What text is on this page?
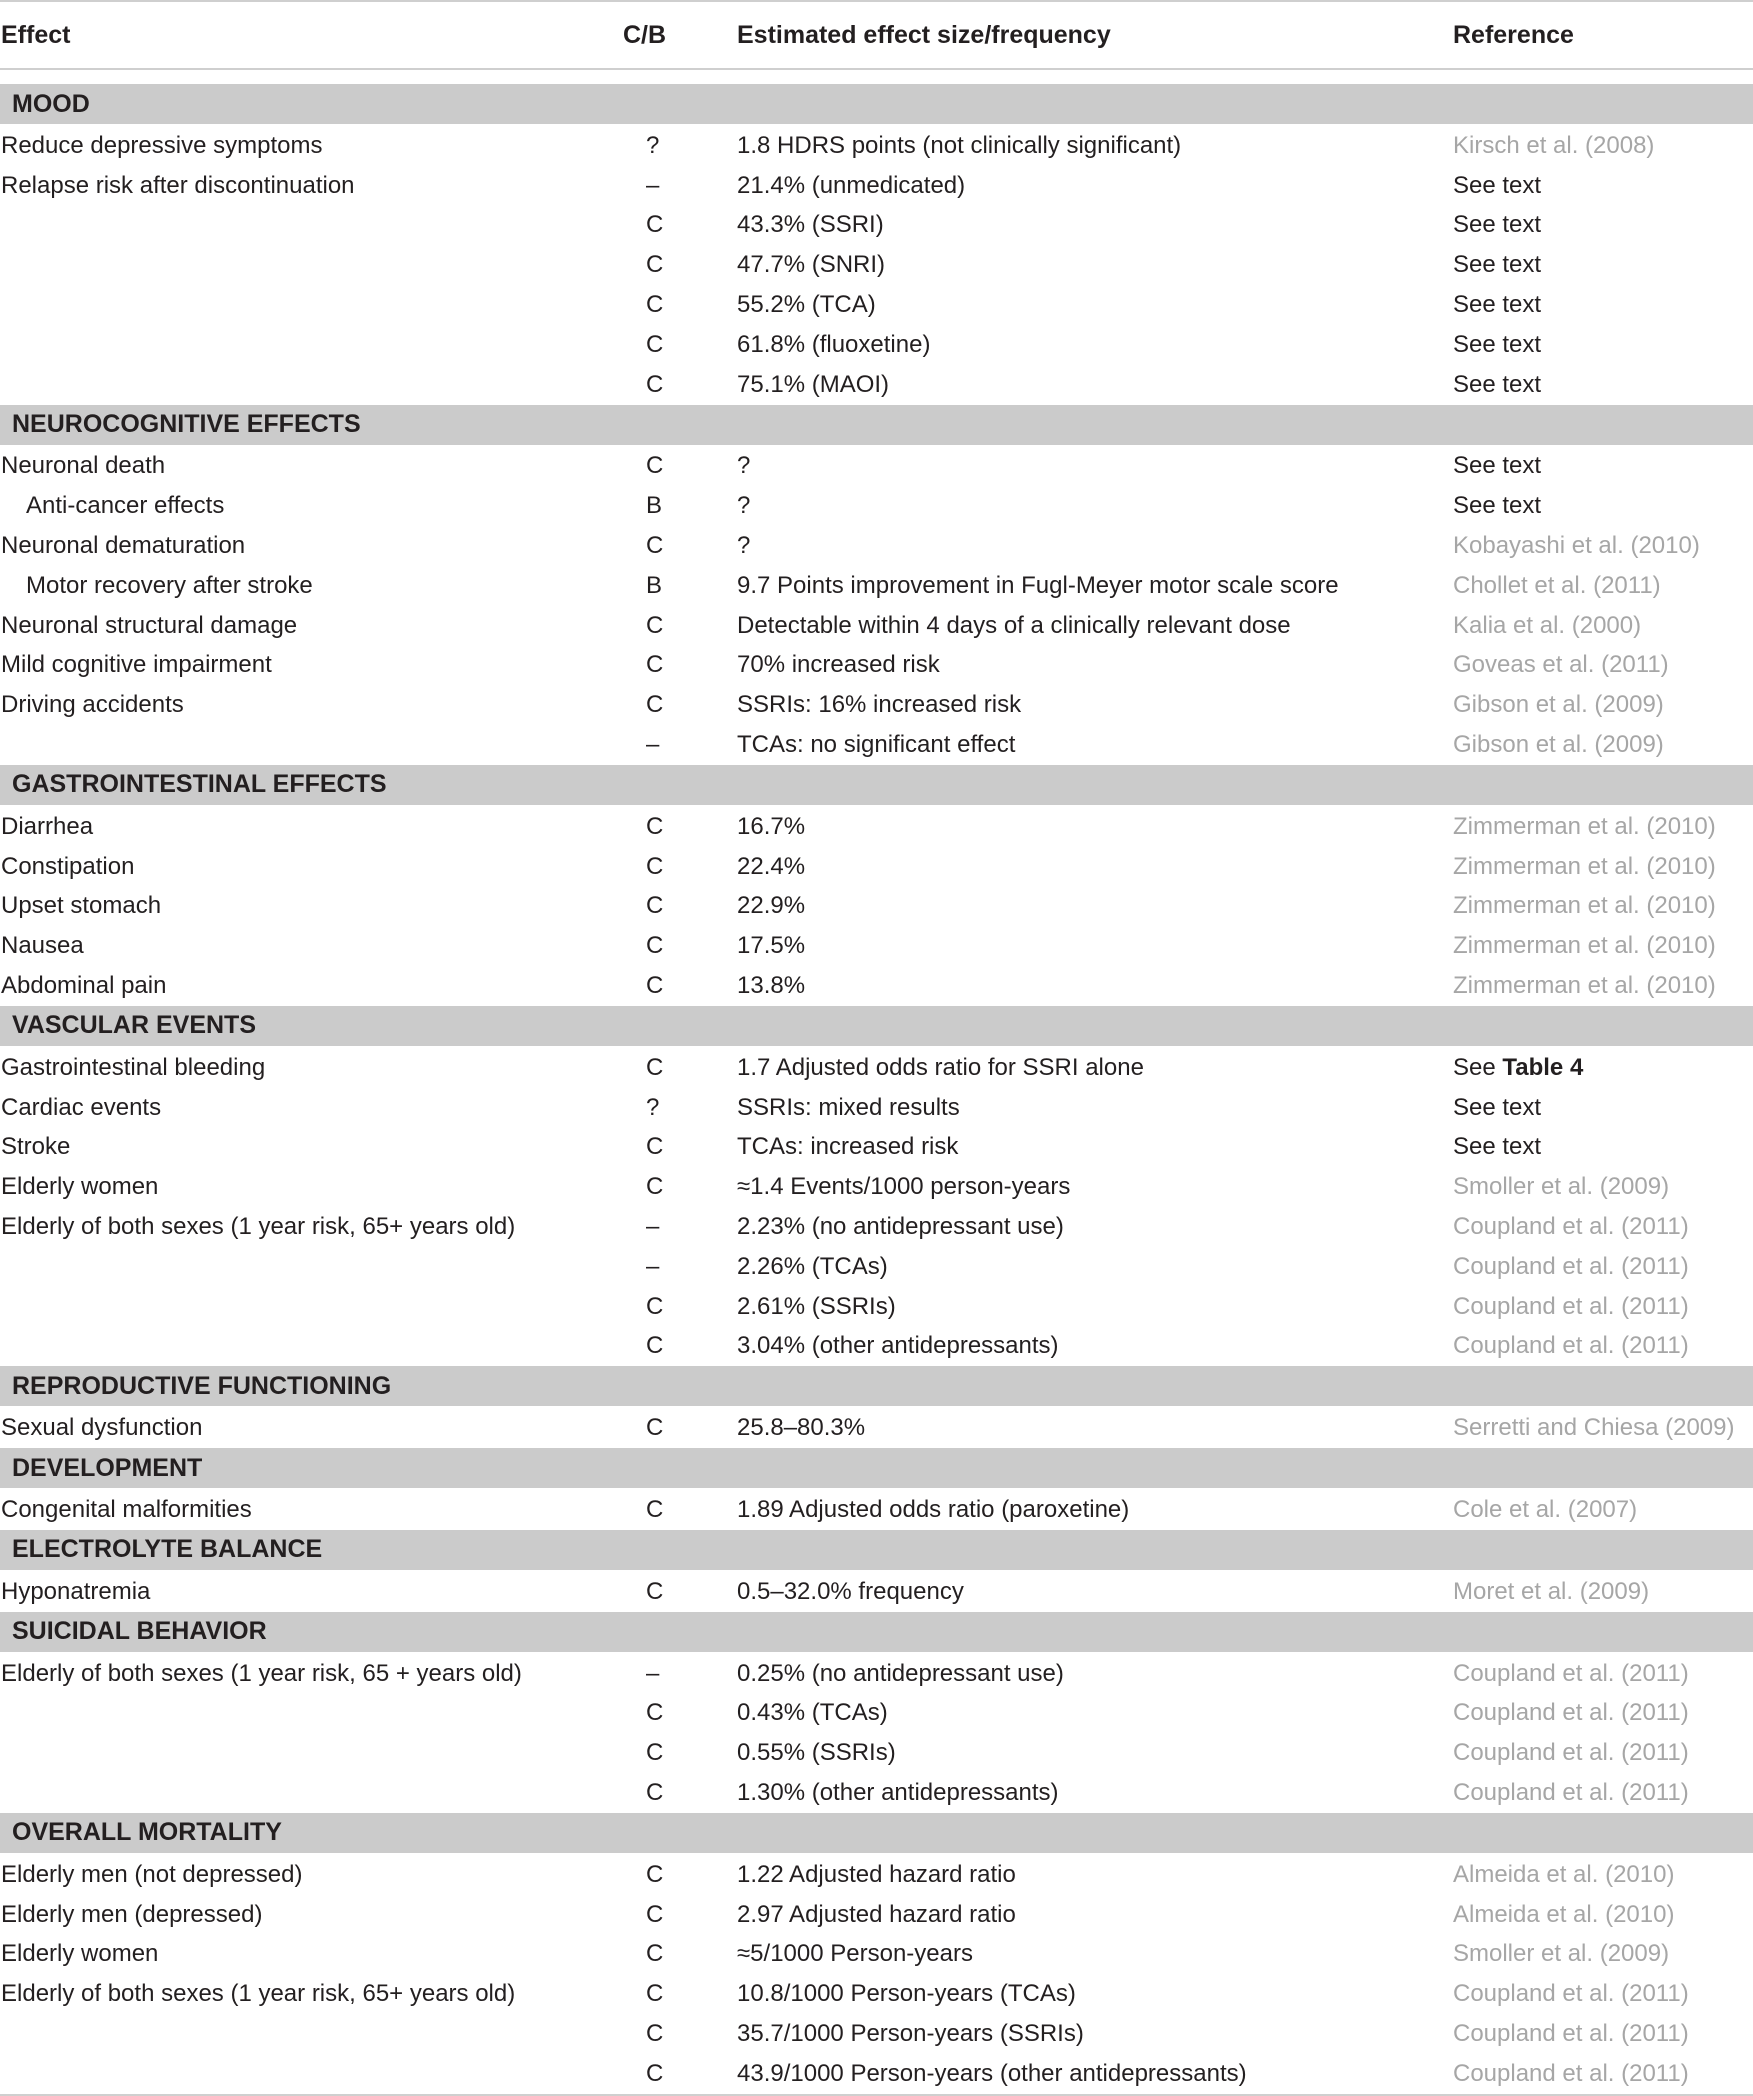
Effect	C/B	Estimated effect size/frequency	Reference

MOOD			
Reduce depressive symptoms	?	1.8 HDRS points (not clinically significant)	Kirsch et al. (2008)
Relapse risk after discontinuation	–	21.4% (unmedicated)	See text
	C	43.3% (SSRI)	See text
	C	47.7% (SNRI)	See text
	C	55.2% (TCA)	See text
	C	61.8% (fluoxetine)	See text
	C	75.1% (MAOI)	See text
NEUROCOGNITIVE EFFECTS			
Neuronal death	C	?	See text
Anti-cancer effects	B	?	See text
Neuronal dematuration	C	?	Kobayashi et al. (2010)
Motor recovery after stroke	B	9.7 Points improvement in Fugl-Meyer motor scale score	Chollet et al. (2011)
Neuronal structural damage	C	Detectable within 4 days of a clinically relevant dose	Kalia et al. (2000)
Mild cognitive impairment	C	70% increased risk	Goveas et al. (2011)
Driving accidents	C	SSRIs: 16% increased risk	Gibson et al. (2009)
	–	TCAs: no significant effect	Gibson et al. (2009)
GASTROINTESTINAL EFFECTS			
Diarrhea	C	16.7%	Zimmerman et al. (2010)
Constipation	C	22.4%	Zimmerman et al. (2010)
Upset stomach	C	22.9%	Zimmerman et al. (2010)
Nausea	C	17.5%	Zimmerman et al. (2010)
Abdominal pain	C	13.8%	Zimmerman et al. (2010)
VASCULAR EVENTS			
Gastrointestinal bleeding	C	1.7 Adjusted odds ratio for SSRI alone	See Table 4
Cardiac events	?	SSRIs: mixed results	See text
Stroke	C	TCAs: increased risk	See text
Elderly women	C	≈1.4 Events/1000 person-years	Smoller et al. (2009)
Elderly of both sexes (1 year risk, 65+ years old)	–	2.23% (no antidepressant use)	Coupland et al. (2011)
	–	2.26% (TCAs)	Coupland et al. (2011)
	C	2.61% (SSRIs)	Coupland et al. (2011)
	C	3.04% (other antidepressants)	Coupland et al. (2011)
REPRODUCTIVE FUNCTIONING			
Sexual dysfunction	C	25.8–80.3%	Serretti and Chiesa (2009)
DEVELOPMENT			
Congenital malformities	C	1.89 Adjusted odds ratio (paroxetine)	Cole et al. (2007)
ELECTROLYTE BALANCE			
Hyponatremia	C	0.5–32.0% frequency	Moret et al. (2009)
SUICIDAL BEHAVIOR			
Elderly of both sexes (1 year risk, 65 + years old)	–	0.25% (no antidepressant use)	Coupland et al. (2011)
	C	0.43% (TCAs)	Coupland et al. (2011)
	C	0.55% (SSRIs)	Coupland et al. (2011)
	C	1.30% (other antidepressants)	Coupland et al. (2011)
OVERALL MORTALITY			
Elderly men (not depressed)	C	1.22 Adjusted hazard ratio	Almeida et al. (2010)
Elderly men (depressed)	C	2.97 Adjusted hazard ratio	Almeida et al. (2010)
Elderly women	C	≈5/1000 Person-years	Smoller et al. (2009)
Elderly of both sexes (1 year risk, 65+ years old)	C	10.8/1000 Person-years (TCAs)	Coupland et al. (2011)
	C	35.7/1000 Person-years (SSRIs)	Coupland et al. (2011)
	C	43.9/1000 Person-years (other antidepressants)	Coupland et al. (2011)
